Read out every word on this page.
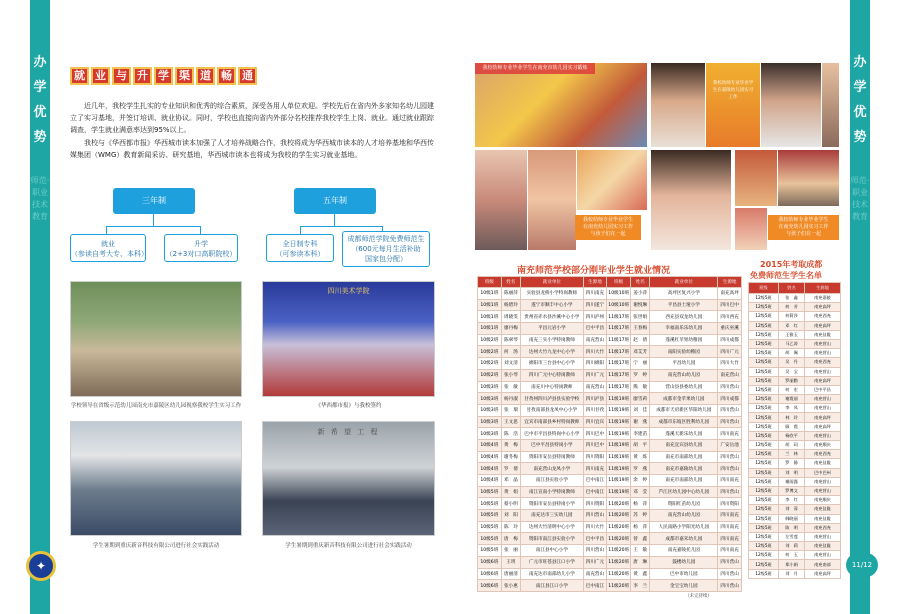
办学优势
办学优势
师范·职业技术教育
师范·职业技术教育
✦	11/12
就 业 与 升 学 渠 道 畅 通

近几年，我校学生扎实的专业知识和优秀的综合素质，深受各用人单位欢迎。学校先后在省内外多家知名幼儿园建立了实习基地，并签订培训、就业协议。同时，学校也直接向省内外部分名校推荐我校学生上岗、就业。通过就业跟踪调查，学生就业满意率达到95%以上。

我校与《华西都市报》华西城市读本加强了人才培养战略合作，我校将成为华西城市读本的人才培养基地和华西传媒集团（WMG）教育新闻采访、研究基地，华西城市读本也将成为我校的学生实习就业基地。

三年制	五年制
就业
（参读自考大专、本科）
升学
（2+3对口高职院校）
全日制专科
（可参读本科）
成都师范学院免费师范生
（600元每月生活补助
国家包分配）
学校领导在省级示范幼儿园南充市嘉陵区幼儿园视察我校学生实习工作
四川美术学院
《华西都市报》与我校签约
学生暑期到重庆新音科技有限公司进行社会实践活动
新 希 望 工 程
学生暑期到重庆新音科技有限公司进行社会实践活动
我校幼师专业毕业学生在南充市幼儿园实习锻炼
我校幼师专业毕业学生在嘉陵幼儿园实习工作
我校幼师专业毕业学生
在南充幼儿园实习工作
与孩子们在一起
我校幼师专业毕业学生
在南充幼儿园实习工作
与孩子们在一起
南充师范学校部分刚毕业学生就业情况
班级	姓名	就业单位	生源地	班级	姓名	就业单位	生源地
10级1班	陈丽萍	实验县龙桥小学特岗教师	四川南充	10级10班	姜小萍	高坪区复兴小学	南充高坪
10级1班	杨碧玲	遂宁市顺丰中心小学	四川遂宁	10级10班	谢悦琳	平昌县土垭小学	四川巴中
10级1班	周晓雯	贵州省赤水县沙溪中心小学	四川泸州	11级17班	张世娟	西充县双龙幼儿园	四川西充
10级1班	廖丹梅	平昌元岩小学	巴中平昌	11级17班	王春梅	幸福南乐乐幼儿园	重庆巫溪
10级2班	陈翠琴	南充三实小学特岗教师	南充营山	11级17班	赵　倩	蓬溪红苹果幼稚园	四川成都
10级2班	何　汤	达州大竹九龙中心小学	四川大竹	11级17班	邓艾芳	南阳实验幼稚园	四川广元
10级2班	刘文清	绵阳市三台县中心小学	四川绵阳	11级17班	宁　丽	平昌幼儿园	四川大竹
10级2班	张小琴	四川广元中心特岗教师	四川广元	11级17班	罗　婷	南充营山幼儿园	南充营山
10级3班	张　敏	南充川中心特岗教师	南充营山	11级17班	熊　敏	营山县县委幼儿园	四川营山
10级3班	杨丹淑	甘孜州四川泸县县实验学校	四川泸县	11级19班	廖雪莉	成都市金苹果幼儿园	四川成都
10级3班	张　瑞	甘孜南部县龙凤中心小学	四川甘孜	11级19班	刘　佳	成都市天府新区华阳幼儿园	四川营山
10级3班	王文思	宜宾市南部县乡村特岗教师	四川宜宾	11级19班	谢　燕	成都市东坡区胜利幼儿园	四川营山
10级3班	陈　浩	巴中市平昌县特岗中心小学	四川巴中	11级19班	李建苗	蓬溪天新乐幼儿园	四川南充
10级4班	黄　梅	巴中平昌县特岗小学	四川巴中	11级19班	胡　平	南充宜宾县幼儿园	广安岳池
10级4班	谢冬梅	资阳市安岳县特岗教师	四川资阳	11级19班	黄　炼	南充市南部幼儿园	四川营山
10级4班	罗　倩	南充营山龙凤小学	四川南充	11级19班	罗　燕	南充市嘉陵幼儿园	四川营山
10级4班	邓　晶	南江县实验小学	巴中南江	11级19班	余　婷	南充市南部幼儿园	四川南充
10级5班	黄　娟	南江宣南小学特岗教师	巴中南江	11级19班	邓　莹	芦江区幼儿园中心幼儿园	四川营山
10级5班	蔡小明	资阳市安岳县特岗小学	四川资阳	11级20班	杨　萍	资阳红苗幼儿园	四川资阳
10级5班	刘　阳	南充达市三实幼儿园	四川营山	11级20班	苏　婷	南充营山幼儿园	四川南充
10级5班	陈　玲	达州大竹清明中心小学	四川大竹	11级20班	杨　萍	人民南路小学阳光幼儿园	四川南充
10级5班	唐　梅	资阳市南江县实验小学	巴中平昌	11级20班	曾　鑫	成都市嘉禾幼儿园	四川南充
10级5班	张　丽	南江县中心小学	四川营山	11级20班	王　敏	南充嘉陵托儿园	四川南充
10级6班	王玥	广元市旺苍县江口小学	四川广元	11级20班	唐　琳	鼓楼幼儿园	四川营山
10级6班	唐丽清	南充达市南部幼儿小学	南充营山	11级20班	黄　鑫	巴中市幼儿园	四川营山
10级6班	张小惠	南江县江口小学	巴中南江	11级20班	李　兰	金宝宝幼儿园	四川营山
（未完待续）
2015年考取成都
免费师范生学生名单
班级	姓名	生源地
12级5班	张　鑫	南充嘉陵
12级5班	何　芳	南充高坪
12级5班	何莉莎	南充西充
12级5班	邓　红	南充高坪
12级5班	王雅玉	南充仪陇
12级5班	马乙涛	南充营山
12级5班	胡　佩	南充营山
12级5班	吴　丹	南充西充
12级5班	吴　宝	南充营山
12级5班	罗丽勤	南充高坪
12级5班	何　宏	巴中平昌
12级5班	谢霞丽	南充营山
12级5班	李　凤	南充营山
12级5班	林　玲	南充高坪
12级5班	顾　霞	南充高坪
12级5班	杨欣平	南充营山
12级5班	胡　珂	南充顺庆
12级5班	兰　林	南充西充
12级5班	罗　静	南充仪陇
12级5班	刘　明	巴中巴州
12级5班	谢雨露	南充营山
12级5班	罗博文	南充营山
12级5班	李　红	南充顺庆
12级5班	刘　蓉	南充仪陇
12级5班	韩晓丽	南充仪陇
12级5班	陈　明	南充西充
12级5班	左雪莲	南充营山
12级5班	刘　莉	南充仪陇
12级5班	何　玉	南充营山
12级5班	郑小娟	南充南部
12级5班	刘　月	南充高坪
